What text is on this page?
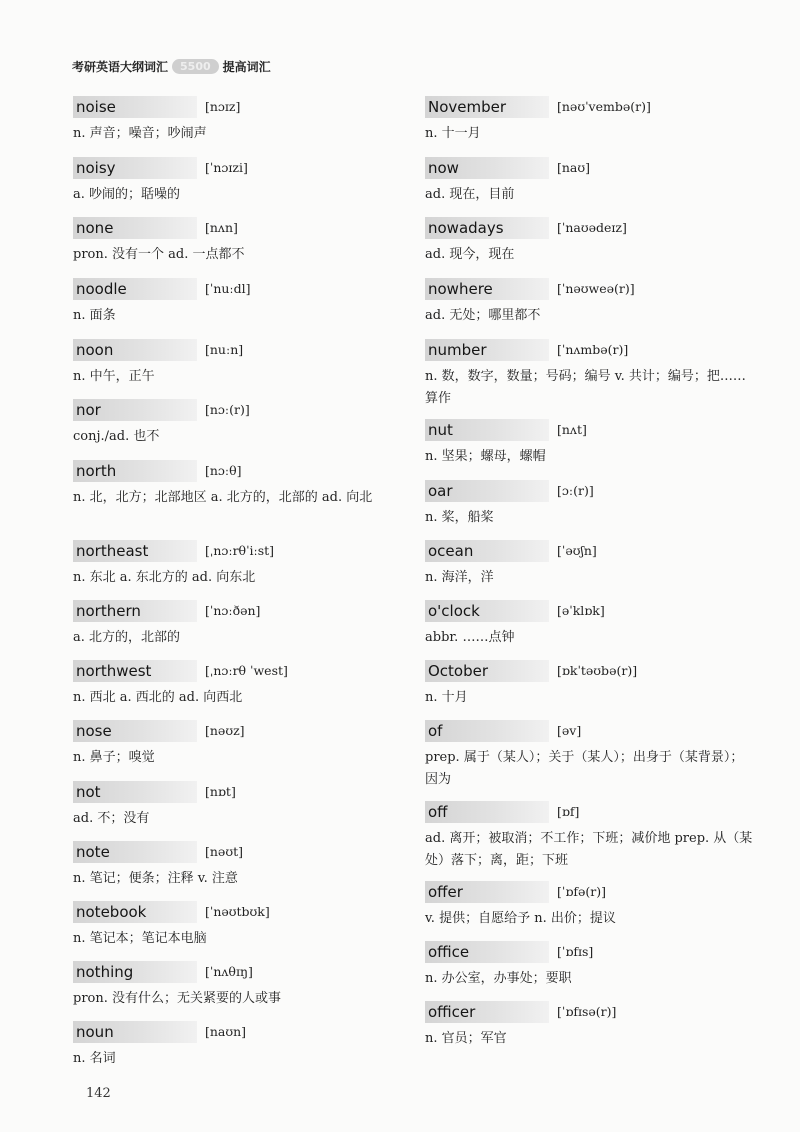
考研英语大纲词汇	5500	提高词汇
noise	[nɔɪz]
n. 声音；噪音；吵闹声
noisy	[ˈnɔɪzi]
a. 吵闹的；聒噪的
none	[nʌn]
pron. 没有一个 ad. 一点都不
noodle	[ˈnuːdl]
n. 面条
noon	[nuːn]
n. 中午，正午
nor	[nɔː(r)]
conj./ad. 也不
north	[nɔːθ]
n. 北，北方；北部地区 a. 北方的，北部的 ad. 向北
northeast	[ˌnɔːrθˈiːst]
n. 东北 a. 东北方的 ad. 向东北
northern	[ˈnɔːðən]
a. 北方的，北部的
northwest	[ˌnɔːrθ ˈwest]
n. 西北 a. 西北的 ad. 向西北
nose	[nəʊz]
n. 鼻子；嗅觉
not	[nɒt]
ad. 不；没有
note	[nəʊt]
n. 笔记；便条；注释 v. 注意
notebook	[ˈnəʊtbʊk]
n. 笔记本；笔记本电脑
nothing	[ˈnʌθɪŋ]
pron. 没有什么；无关紧要的人或事
noun	[naʊn]
n. 名词
November	[nəʊˈvembə(r)]
n. 十一月
now	[naʊ]
ad. 现在，目前
nowadays	[ˈnaʊədeɪz]
ad. 现今，现在
nowhere	[ˈnəʊweə(r)]
ad. 无处；哪里都不
number	[ˈnʌmbə(r)]
n. 数，数字，数量；号码；编号 v. 共计；编号；把……算作
nut	[nʌt]
n. 坚果；螺母，螺帽
oar	[ɔː(r)]
n. 桨，船桨
ocean	[ˈəʊʃn]
n. 海洋，洋
o'clock	[əˈklɒk]
abbr. ……点钟
October	[ɒkˈtəʊbə(r)]
n. 十月
of	[əv]
prep. 属于（某人）；关于（某人）；出身于（某背景）；因为
off	[ɒf]
ad. 离开；被取消；不工作；下班；减价地 prep. 从（某处）落下；离，距；下班
offer	[ˈɒfə(r)]
v. 提供；自愿给予 n. 出价；提议
office	[ˈɒfɪs]
n. 办公室，办事处；要职
officer	[ˈɒfɪsə(r)]
n. 官员；军官
142
